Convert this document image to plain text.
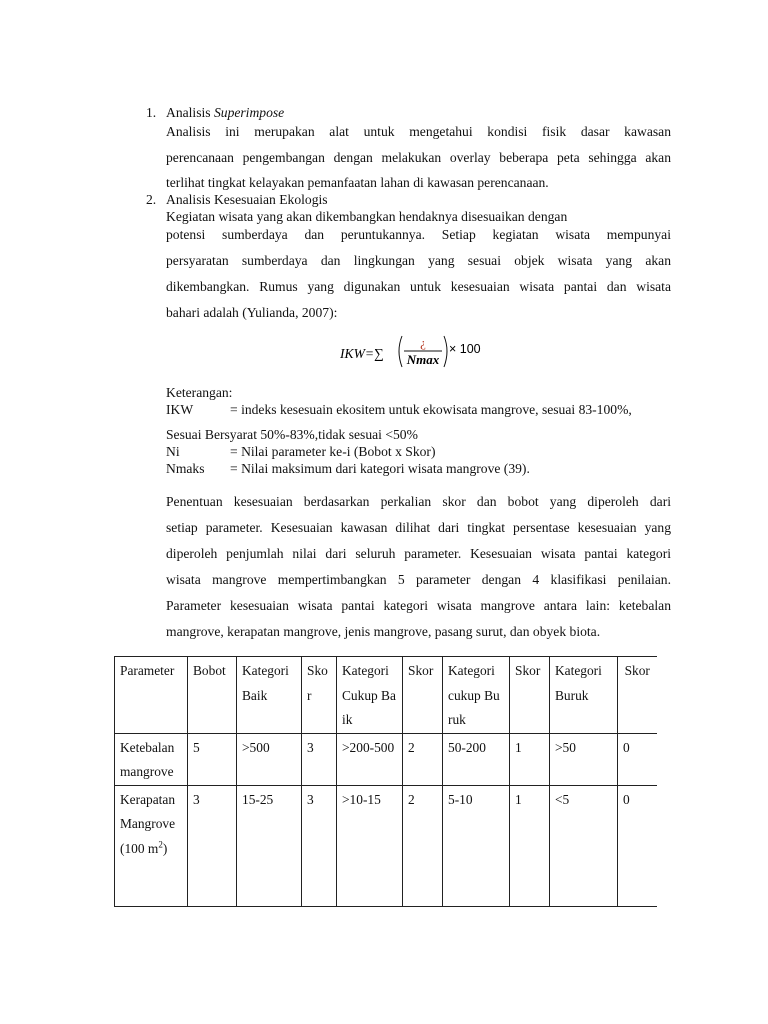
1. Analisis Superimpose
Analisis ini merupakan alat untuk mengetahui kondisi fisik dasar kawasan
perencanaan pengembangan dengan melakukan overlay beberapa peta sehingga akan
terlihat tingkat kelayakan pemanfaatan lahan di kawasan perencanaan.
2. Analisis Kesesuaian Ekologis
Kegiatan wisata yang akan dikembangkan hendaknya disesuaikan dengan
potensi sumberdaya dan peruntukannya. Setiap kegiatan wisata mempunyai
persyaratan sumberdaya dan lingkungan yang sesuai objek wisata yang akan
dikembangkan. Rumus yang digunakan untuk kesesuaian wisata pantai dan wisata
bahari adalah (Yulianda, 2007):
IKW=∑
¿
Nmax
× 100
Keterangan:
IKW	= indeks kesesuain ekositem untuk ekowisata mangrove, sesuai 83-100%,
Sesuai Bersyarat 50%-83%,tidak sesuai <50%
Ni	= Nilai parameter ke-i (Bobot x Skor)
Nmaks = Nilai maksimum dari kategori wisata mangrove (39).
Penentuan kesesuaian berdasarkan perkalian skor dan bobot yang diperoleh dari
setiap parameter. Kesesuaian kawasan dilihat dari tingkat persentase kesesuaian yang
diperoleh penjumlah nilai dari seluruh parameter. Kesesuaian wisata pantai kategori
wisata mangrove mempertimbangkan 5 parameter dengan 4 klasifikasi penilaian.
Parameter kesesuaian wisata pantai kategori wisata mangrove antara lain: ketebalan
mangrove, kerapatan mangrove, jenis mangrove, pasang surut, dan obyek biota.
Parameter	Bobot	Kategori Baik	Skor	Kategori Cukup Baik	Skor	Kategori cukup Buruk	Skor	Kategori Buruk	Skor
Ketebalan mangrove	5	>500	3	>200-500	2	50-200	1	>50	0
Kerapatan Mangrove (100 $m^2$)	3	15-25	3	>10-15	2	5-10	1	<5	0
